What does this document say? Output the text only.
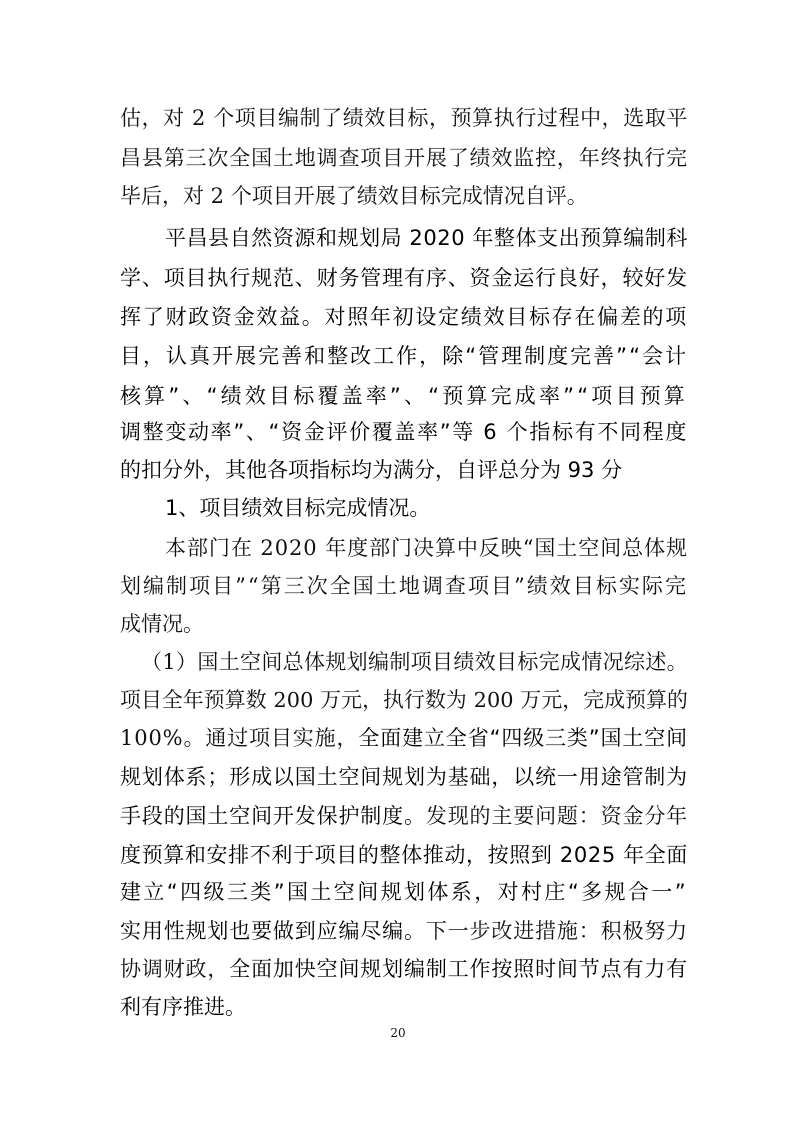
估，对 2 个项目编制了绩效目标，预算执行过程中，选取平
昌县第三次全国土地调查项目开展了绩效监控，年终执行完
毕后，对 2 个项目开展了绩效目标完成情况自评。
平昌县自然资源和规划局 2020 年整体支出预算编制科
学、项目执行规范、财务管理有序、资金运行良好，较好发
挥了财政资金效益。对照年初设定绩效目标存在偏差的项
目，认真开展完善和整改工作，除“管理制度完善”“会计
核算”、“绩效目标覆盖率”、“预算完成率”“项目预算
调整变动率”、“资金评价覆盖率”等 6 个指标有不同程度
的扣分外，其他各项指标均为满分，自评总分为 93 分
1、项目绩效目标完成情况。
本部门在 2020 年度部门决算中反映“国土空间总体规
划编制项目”“第三次全国土地调查项目”绩效目标实际完
成情况。
（1）国土空间总体规划编制项目绩效目标完成情况综述。
项目全年预算数 200 万元，执行数为 200 万元，完成预算的
100%。通过项目实施，全面建立全省“四级三类”国土空间
规划体系；形成以国土空间规划为基础，以统一用途管制为
手段的国土空间开发保护制度。发现的主要问题：资金分年
度预算和安排不利于项目的整体推动，按照到 2025 年全面
建立“四级三类”国土空间规划体系，对村庄“多规合一”
实用性规划也要做到应编尽编。下一步改进措施：积极努力
协调财政，全面加快空间规划编制工作按照时间节点有力有
利有序推进。
20
